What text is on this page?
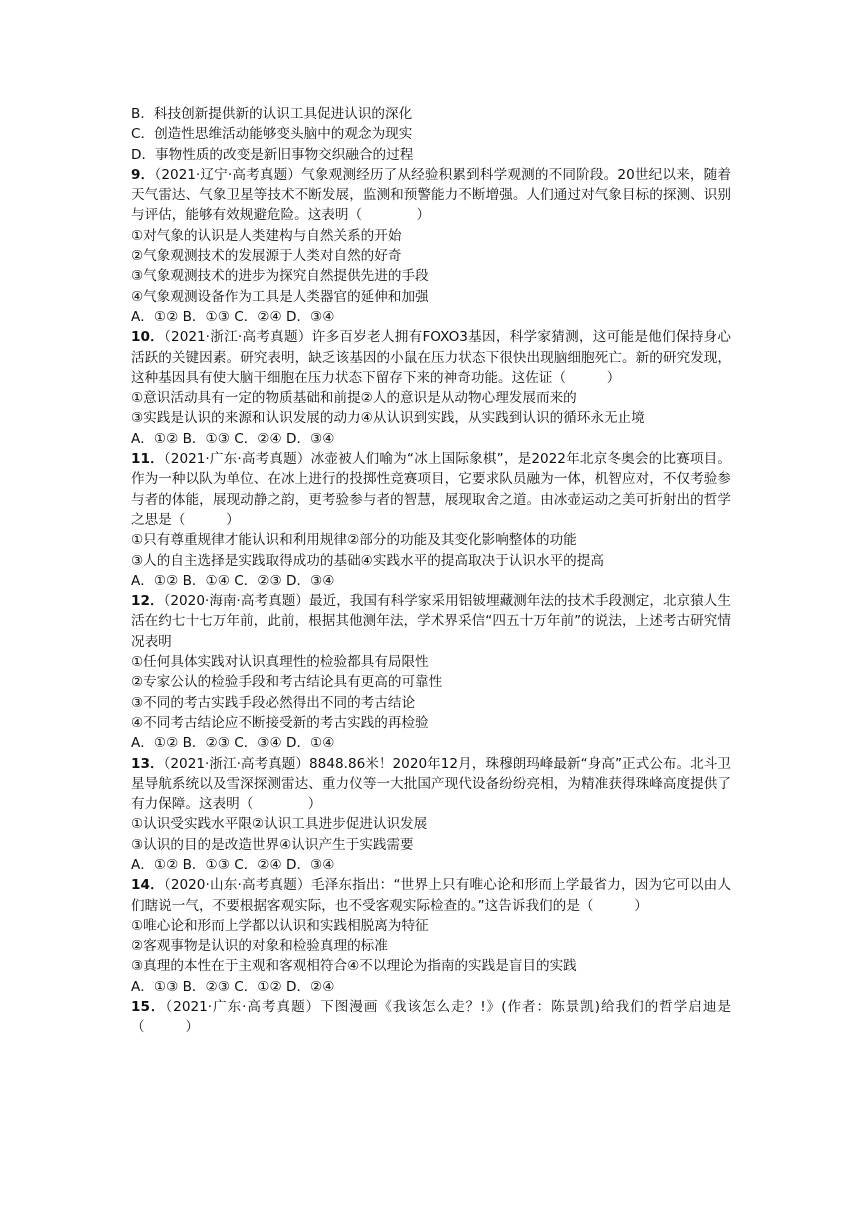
B．科技创新提供新的认识工具促进认识的深化
C．创造性思维活动能够变头脑中的观念为现实
D．事物性质的改变是新旧事物交织融合的过程
9．（2021·辽宁·高考真题）气象观测经历了从经验积累到科学观测的不同阶段。20世纪以来，随着天气雷达、气象卫星等技术不断发展，监测和预警能力不断增强。人们通过对气象目标的探测、识别与评估，能够有效规避危险。这表明（　　　　）
①对气象的认识是人类建构与自然关系的开始
②气象观测技术的发展源于人类对自然的好奇
③气象观测技术的进步为探究自然提供先进的手段
④气象观测设备作为工具是人类器官的延伸和加强
A．①② B．①③ C．②④ D．③④
10．（2021·浙江·高考真题）许多百岁老人拥有FOXO3基因，科学家猜测，这可能是他们保持身心活跃的关键因素。研究表明，缺乏该基因的小鼠在压力状态下很快出现脑细胞死亡。新的研究发现，这种基因具有使大脑干细胞在压力状态下留存下来的神奇功能。这佐证（　　　）
①意识活动具有一定的物质基础和前提②人的意识是从动物心理发展而来的
③实践是认识的来源和认识发展的动力④从认识到实践，从实践到认识的循环永无止境
A．①② B．①③ C．②④ D．③④
11．（2021·广东·高考真题）冰壶被人们喻为“冰上国际象棋”，是2022年北京冬奥会的比赛项目。作为一种以队为单位、在冰上进行的投掷性竞赛项目，它要求队员融为一体，机智应对，不仅考验参与者的体能，展现动静之韵，更考验参与者的智慧，展现取舍之道。由冰壶运动之美可折射出的哲学之思是（　　　）
①只有尊重规律才能认识和利用规律②部分的功能及其变化影响整体的功能
③人的自主选择是实践取得成功的基础④实践水平的提高取决于认识水平的提高
A．①② B．①④ C．②③ D．③④
12．（2020·海南·高考真题）最近，我国有科学家采用铝铍埋藏测年法的技术手段测定，北京猿人生活在约七十七万年前，此前，根据其他测年法，学术界采信“四五十万年前”的说法，上述考古研究情况表明
①任何具体实践对认识真理性的检验都具有局限性
②专家公认的检验手段和考古结论具有更高的可靠性
③不同的考古实践手段必然得出不同的考古结论
④不同考古结论应不断接受新的考古实践的再检验
A．①② B．②③ C．③④ D．①④
13．（2021·浙江·高考真题）8848.86米！2020年12月，珠穆朗玛峰最新“身高”正式公布。北斗卫星导航系统以及雪深探测雷达、重力仪等一大批国产现代设备纷纷亮相，为精准获得珠峰高度提供了有力保障。这表明（　　　　）
①认识受实践水平限②认识工具进步促进认识发展
③认识的目的是改造世界④认识产生于实践需要
A．①② B．①③ C．②④ D．③④
14．（2020·山东·高考真题）毛泽东指出：“世界上只有唯心论和形而上学最省力，因为它可以由人们瞎说一气，不要根据客观实际，也不受客观实际检查的。”这告诉我们的是（　　　）
①唯心论和形而上学都以认识和实践相脱离为特征
②客观事物是认识的对象和检验真理的标准
③真理的本性在于主观和客观相符合④不以理论为指南的实践是盲目的实践
A．①③ B．②③ C．①② D．②④
15．（2021·广东·高考真题）下图漫画《我该怎么走？!》(作者：陈景凯)给我们的哲学启迪是（　　　）
